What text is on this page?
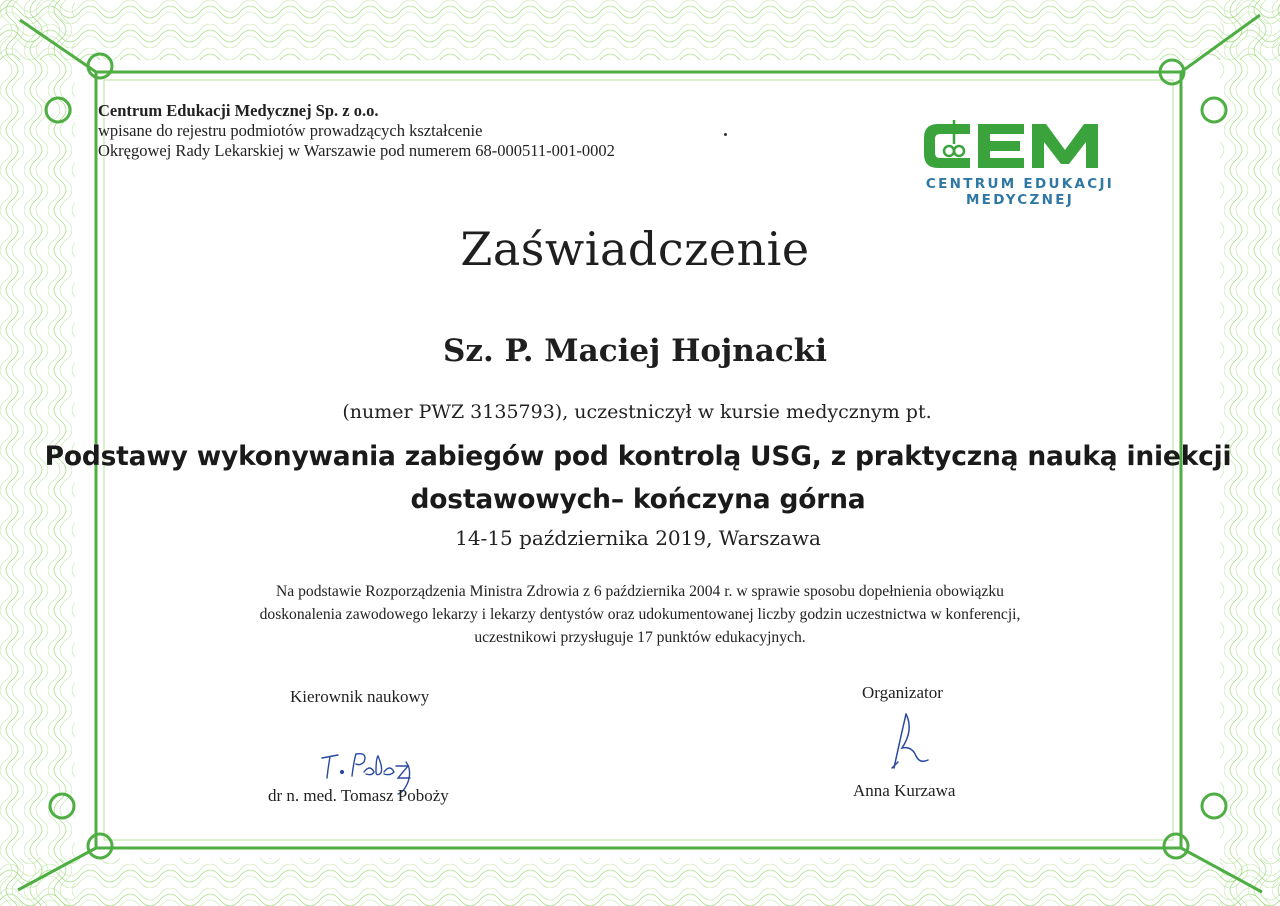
Centrum Edukacji Medycznej Sp. z o.o.
wpisane do rejestru podmiotów prowadzących kształcenie
Okręgowej Rady Lekarskiej w Warszawie pod numerem 68-000511-001-0002
CENTRUM EDUKACJI MEDYCZNEJ
Zaświadczenie
Sz. P. Maciej Hojnacki
(numer PWZ 3135793), uczestniczył w kursie medycznym pt.
Podstawy wykonywania zabiegów pod kontrolą USG, z praktyczną nauką iniekcji
dostawowych– kończyna górna
14-15 października 2019, Warszawa
Na podstawie Rozporządzenia Ministra Zdrowia z 6 października 2004 r. w sprawie sposobu dopełnienia obowiązku
doskonalenia zawodowego lekarzy i lekarzy dentystów oraz udokumentowanej liczby godzin uczestnictwa w konferencji,
uczestnikowi przysługuje 17 punktów edukacyjnych.
Kierownik naukowy
dr n. med. Tomasz Poboży
Organizator
Anna Kurzawa
